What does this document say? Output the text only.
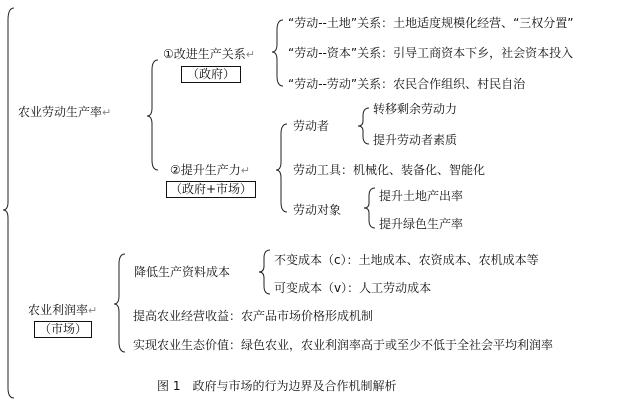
农业劳动生产率↵
①改进生产关系↵
（政府）
“劳动--土地”关系：土地适度规模化经营、“三权分置”
“劳动--资本”关系：引导工商资本下乡，社会资本投入
“劳动--劳动”关系：农民合作组织、村民自治
②提升生产力↵
（政府+市场）
劳动者
转移剩余劳动力
提升劳动者素质
劳动工具：机械化、装备化、智能化
劳动对象
提升土地产出率
提升绿色生产率
农业利润率↵
（市场）
降低生产资料成本
不变成本（c）：土地成本、农资成本、农机成本等
可变成本（v）：人工劳动成本
提高农业经营收益：农产品市场价格形成机制
实现农业生态价值：绿色农业，农业利润率高于或至少不低于全社会平均利润率
图 1　政府与市场的行为边界及合作机制解析
